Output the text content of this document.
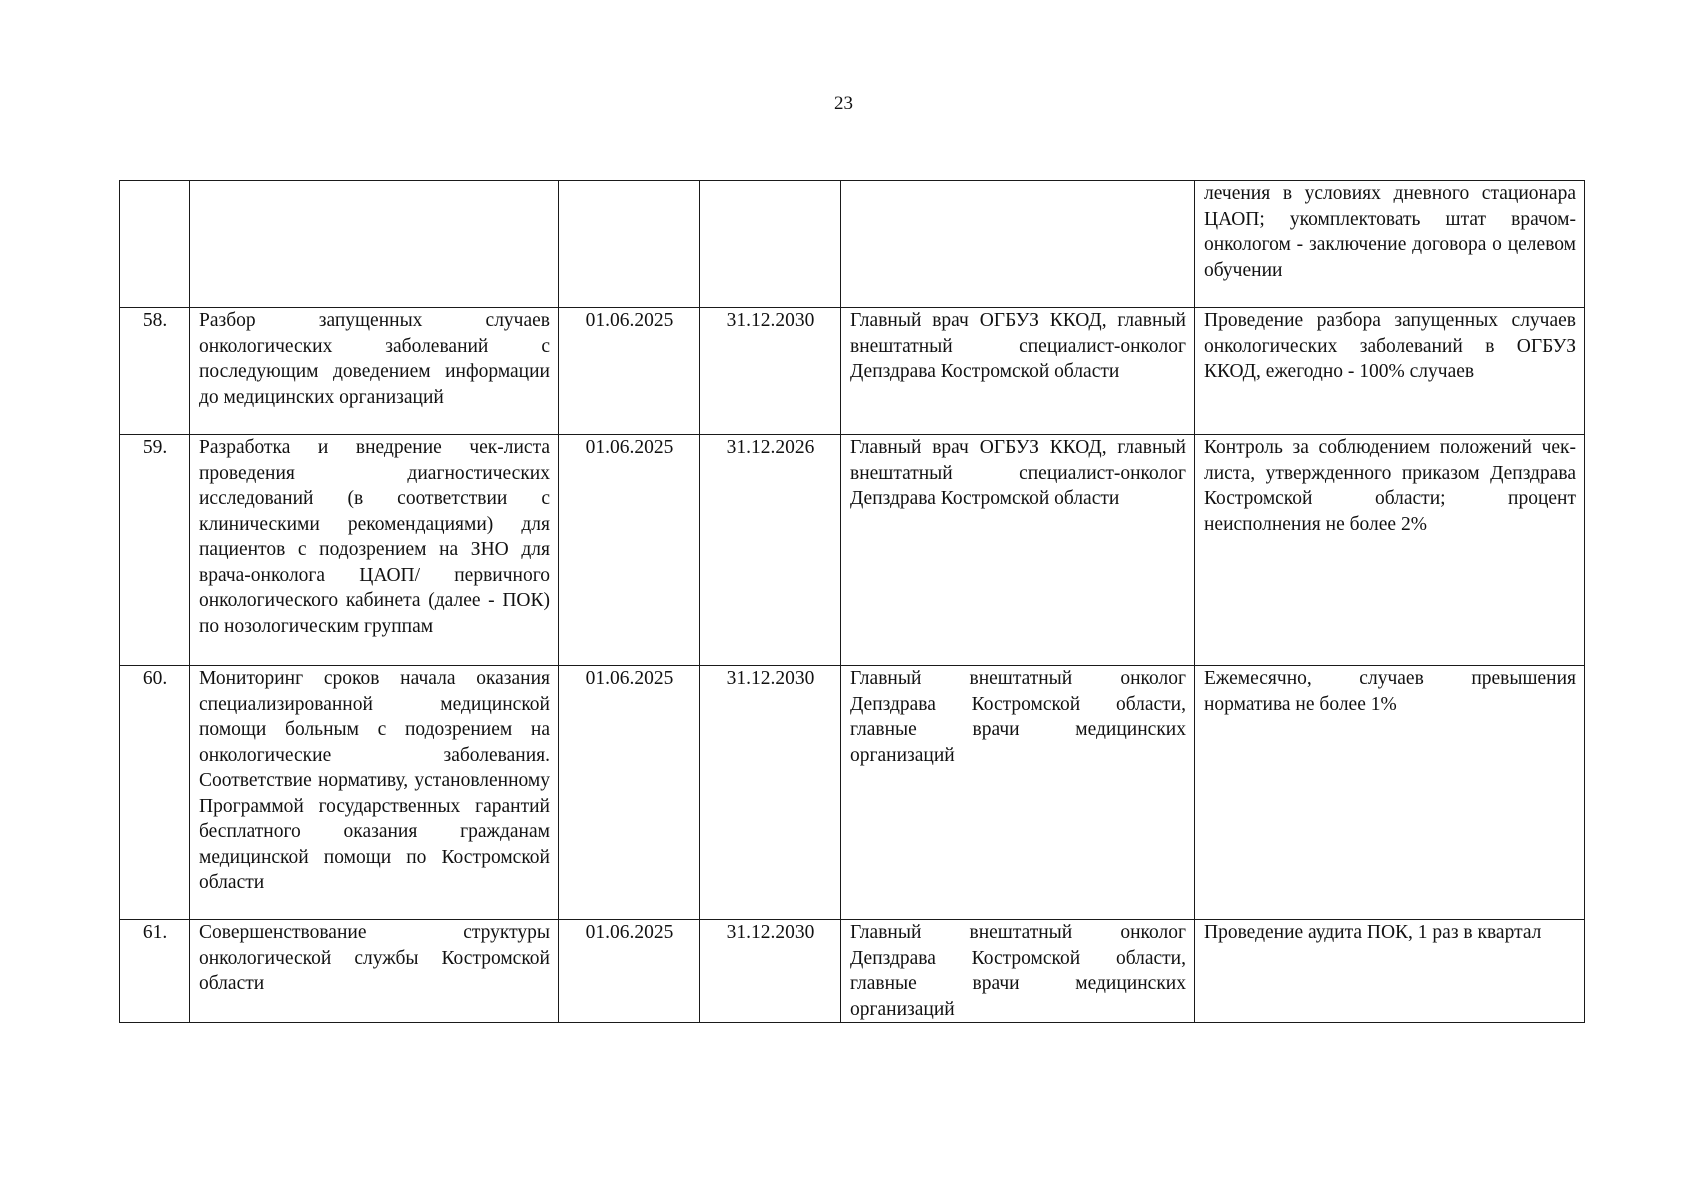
23
					лечения в условиях дневного стационара ЦАОП; укомплектовать штат врачом-онкологом - заключение договора о целевом обучении
58.	Разбор запущенных случаев онкологических заболеваний с последующим доведением информации до медицинских организаций	01.06.2025	31.12.2030	Главный врач ОГБУЗ ККОД, главный внештатный специалист-онколог Депздрава Костромской области	Проведение разбора запущенных случаев онкологических заболеваний в ОГБУЗ ККОД, ежегодно - 100% случаев
59.	Разработка и внедрение чек-листа проведения диагностических исследований (в соответствии с клиническими рекомендациями) для пациентов с подозрением на ЗНО для врача-онколога ЦАОП/ первичного онкологического кабинета (далее - ПОК) по нозологическим группам	01.06.2025	31.12.2026	Главный врач ОГБУЗ ККОД, главный внештатный специалист-онколог Депздрава Костромской области	Контроль за соблюдением положений чек-листа, утвержденного приказом Депздрава Костромской области; процент неисполнения не более 2%
60.	Мониторинг сроков начала оказания специализированной медицинской помощи больным с подозрением на онкологические заболевания. Соответствие нормативу, установленному Программой государственных гарантий бесплатного оказания гражданам медицинской помощи по Костромской области	01.06.2025	31.12.2030	Главный внештатный онколог Депздрава Костромской области, главные врачи медицинских организаций	Ежемесячно, случаев превышения норматива не более 1%
61.	Совершенствование структуры онкологической службы Костромской области	01.06.2025	31.12.2030	Главный внештатный онколог Депздрава Костромской области, главные врачи медицинских организаций	Проведение аудита ПОК, 1 раз в квартал
